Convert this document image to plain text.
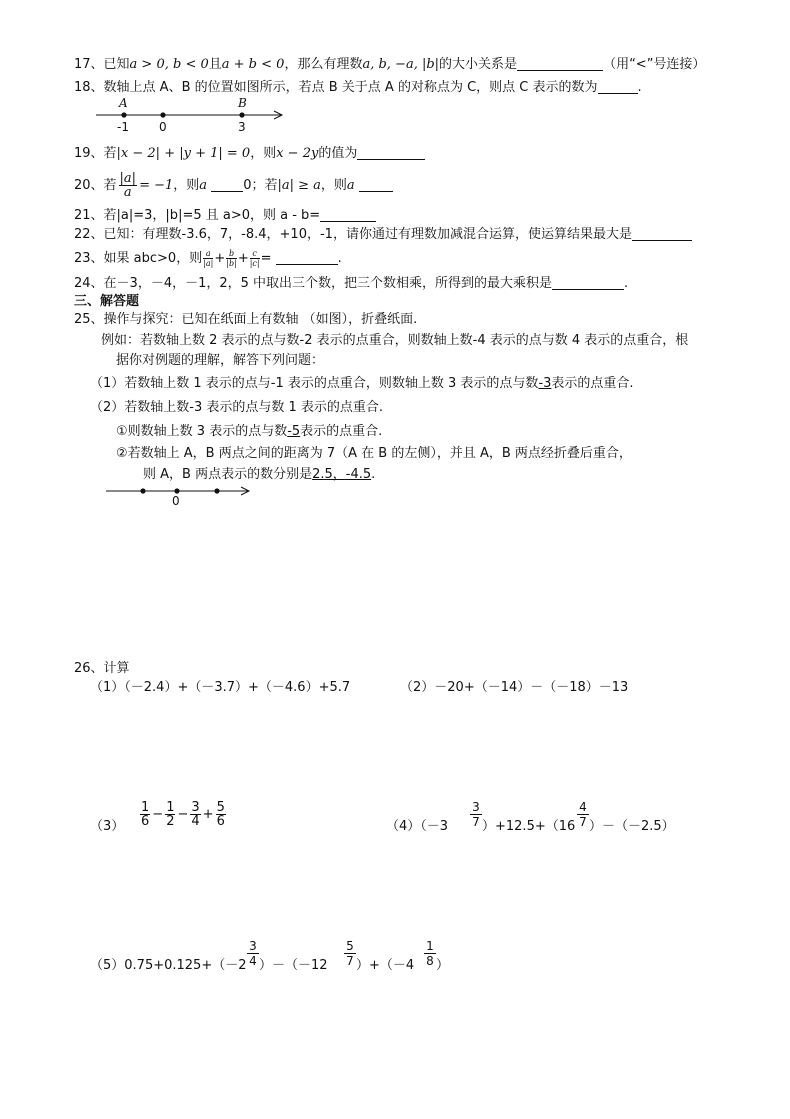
17、已知a > 0, b < 0且a + b < 0，那么有理数a, b, −a, |b|的大小关系是	（用“<”号连接）
18、数轴上点 A、B 的位置如图所示，若点 B 关于点 A 的对称点为 C，则点 C 表示的数为	.
A	B
-1	0	3
19、若|x − 2| + |y + 1| = 0，则x − 2y的值为
20、若 $\frac{|a|}{a} = -1$，则a	0；若|a| ≥ a，则a
21、若|a|=3，|b|=5 且 a>0，则 a - b=
22、已知：有理数-3.6，7，-8.4，+10，-1，请你通过有理数加减混合运算，使运算结果最大是
23、如果 abc>0，则 $\frac{a}{|a|}+ \frac{b}{|b|}+ \frac{c}{|c|}=$	.
24、在－3，－4，－1，2，5 中取出三个数，把三个数相乘，所得到的最大乘积是	.
三、解答题
25、操作与探究：已知在纸面上有数轴 （如图），折叠纸面.
例如：若数轴上数 2 表示的点与数-2 表示的点重合，则数轴上数-4 表示的点与数 4 表示的点重合，根
据你对例题的理解，解答下列问题：
（1）若数轴上数 1 表示的点与-1 表示的点重合，则数轴上数 3 表示的点与数-3表示的点重合.
（2）若数轴上数-3 表示的点与数 1 表示的点重合.
①则数轴上数 3 表示的点与数-5表示的点重合.
②若数轴上 A，B 两点之间的距离为 7（A 在 B 的左侧），并且 A，B 两点经折叠后重合，
则 A，B 两点表示的数分别是2.5，-4.5.
0
26、计算
（1）（－2.4）+（－3.7）+（－4.6）+5.7	（2）－20+（－14）－（－18）－13
$(3) \frac{1}{6} - \frac{1}{2} - \frac{3}{4} + \frac{5}{6}$	$(4)(-3 \frac{3}{7} )+12.5+(16 \frac{4}{7} )-(-2.5)$
$(5)0.75+0.125+(-2 \frac{3}{4} )-(-12 \frac{5}{7} )+(-4 \frac{1}{8}$ ）
